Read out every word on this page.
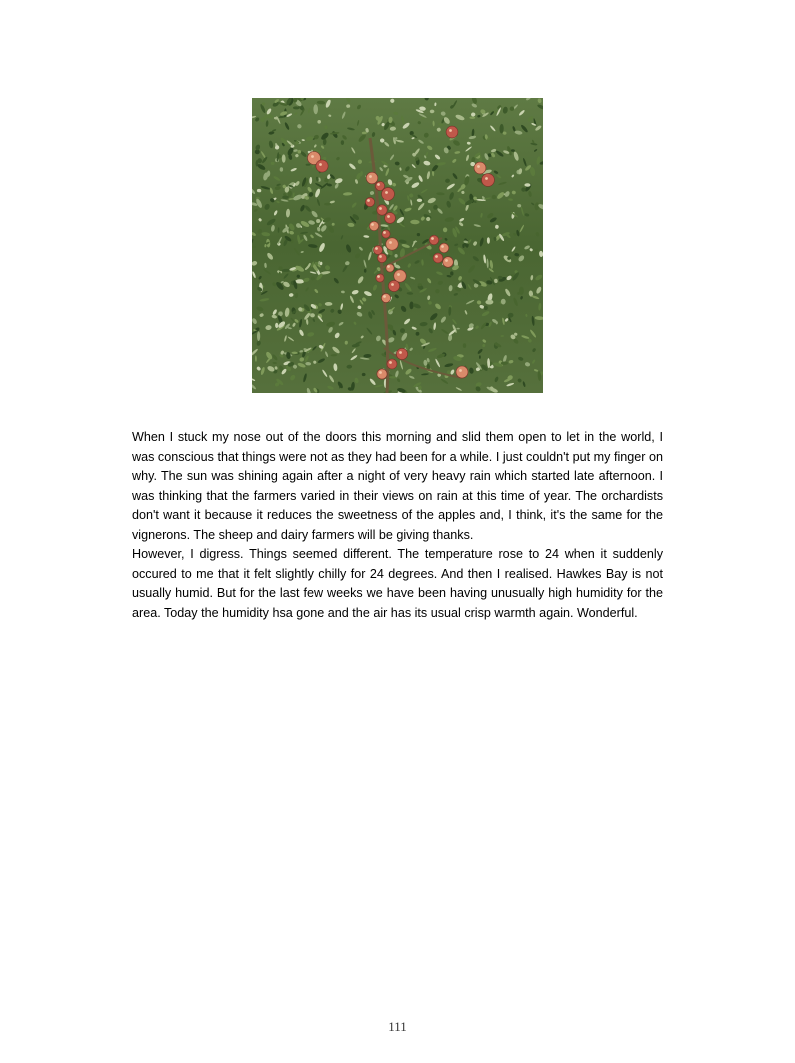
When I stuck my nose out of the doors this morning and slid them open to let in the world, I was conscious that things were not as they had been for a while. I just couldn't put my finger on why. The sun was shining again after a night of very heavy rain which started late afternoon. I was thinking that the farmers varied in their views on rain at this time of year. The orchardists don't want it because it reduces the sweetness of the apples and, I think, it's the same for the vignerons. The sheep and dairy farmers will be giving thanks.

However, I digress. Things seemed different. The temperature rose to 24 when it suddenly occured to me that it felt slightly chilly for 24 degrees. And then I realised. Hawkes Bay is not usually humid. But for the last few weeks we have been having unusually high humidity for the area. Today the humidity hsa gone and the air has its usual crisp warmth again. Wonderful.

111
